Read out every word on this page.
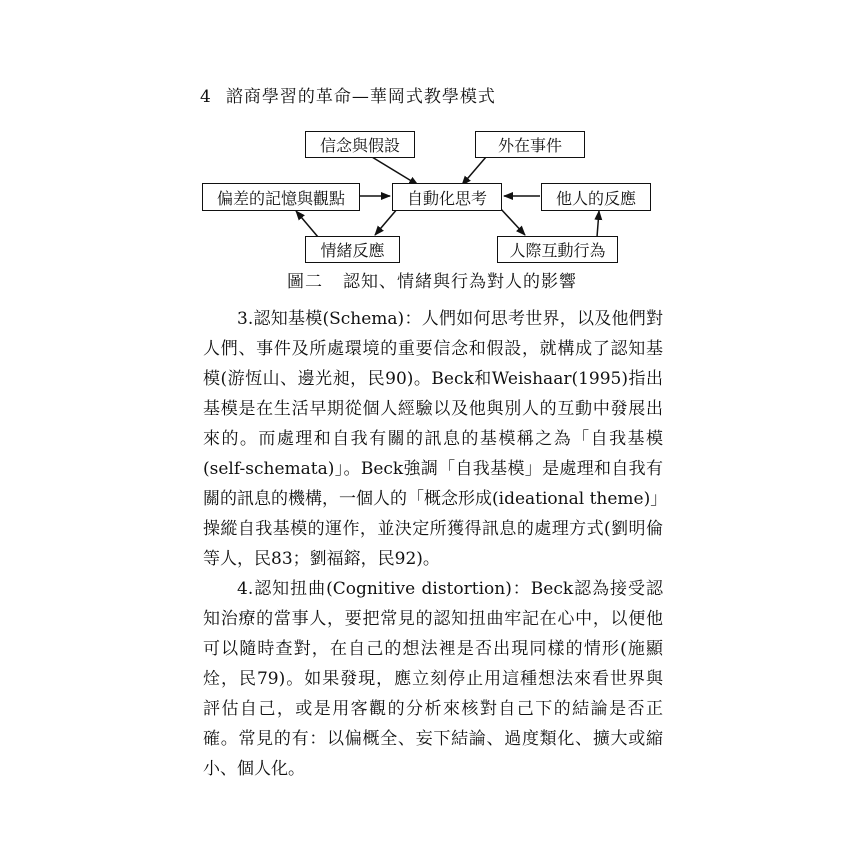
4 諮商學習的革命—華岡式教學模式
信念與假設	外在事件
偏差的記憶與觀點	自動化思考	他人的反應
情緒反應	人際互動行為
圖二 認知、情緒與行為對人的影響
3.認知基模(Schema)：人們如何思考世界，以及他們對
人們、事件及所處環境的重要信念和假設，就構成了認知基
模(游恆山、邊光昶，民90)。Beck和Weishaar(1995)指出
基模是在生活早期從個人經驗以及他與別人的互動中發展出
來的。而處理和自我有關的訊息的基模稱之為「自我基模
(self-schemata)」。Beck強調「自我基模」是處理和自我有
關的訊息的機構，一個人的「概念形成(ideational theme)」
操縱自我基模的運作，並決定所獲得訊息的處理方式(劉明倫
等人，民83；劉福鎔，民92)。
4.認知扭曲(Cognitive distortion)：Beck認為接受認
知治療的當事人，要把常見的認知扭曲牢記在心中，以便他
可以隨時查對，在自己的想法裡是否出現同樣的情形(施顯
烇，民79)。如果發現，應立刻停止用這種想法來看世界與
評估自己，或是用客觀的分析來核對自己下的結論是否正
確。常見的有：以偏概全、妄下結論、過度類化、擴大或縮
小、個人化。
